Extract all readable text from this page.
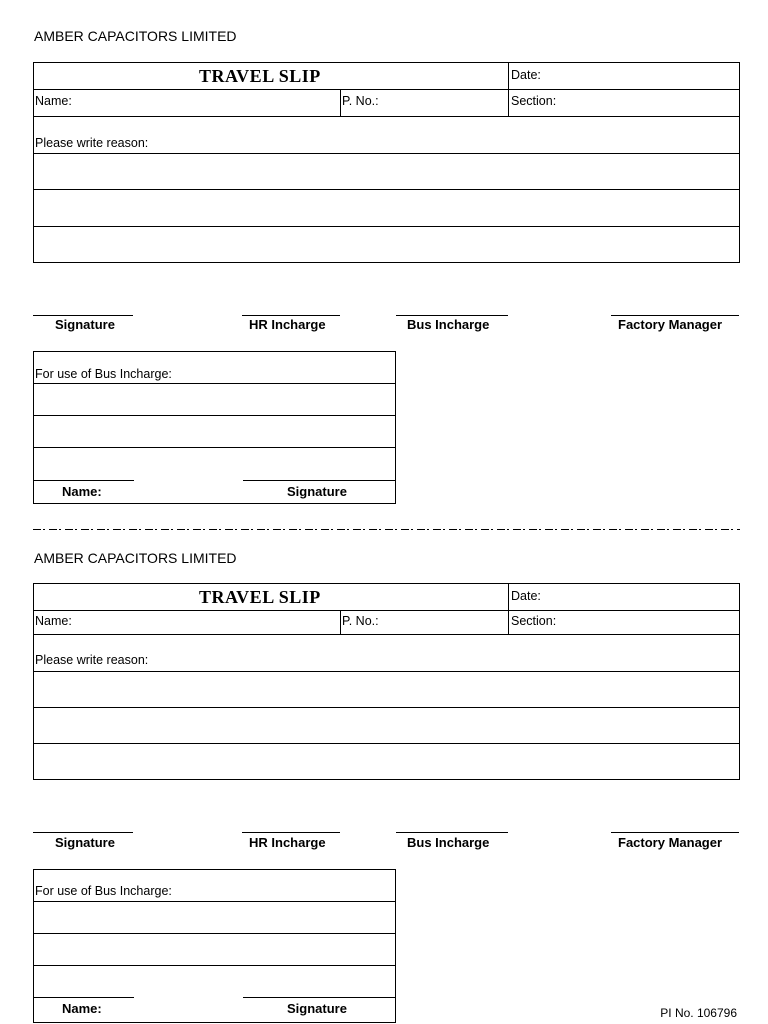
AMBER CAPACITORS LIMITED
TRAVEL SLIP	Date:
Name:	P. No.:	Section:
Please write reason:
Signature	HR Incharge	Bus Incharge	Factory Manager
For use of Bus Incharge:
Name:	Signature
AMBER CAPACITORS LIMITED
TRAVEL SLIP	Date:
Name:	P. No.:	Section:
Please write reason:
Signature	HR Incharge	Bus Incharge	Factory Manager
For use of Bus Incharge:
Name:	Signature	PI No. 106796
